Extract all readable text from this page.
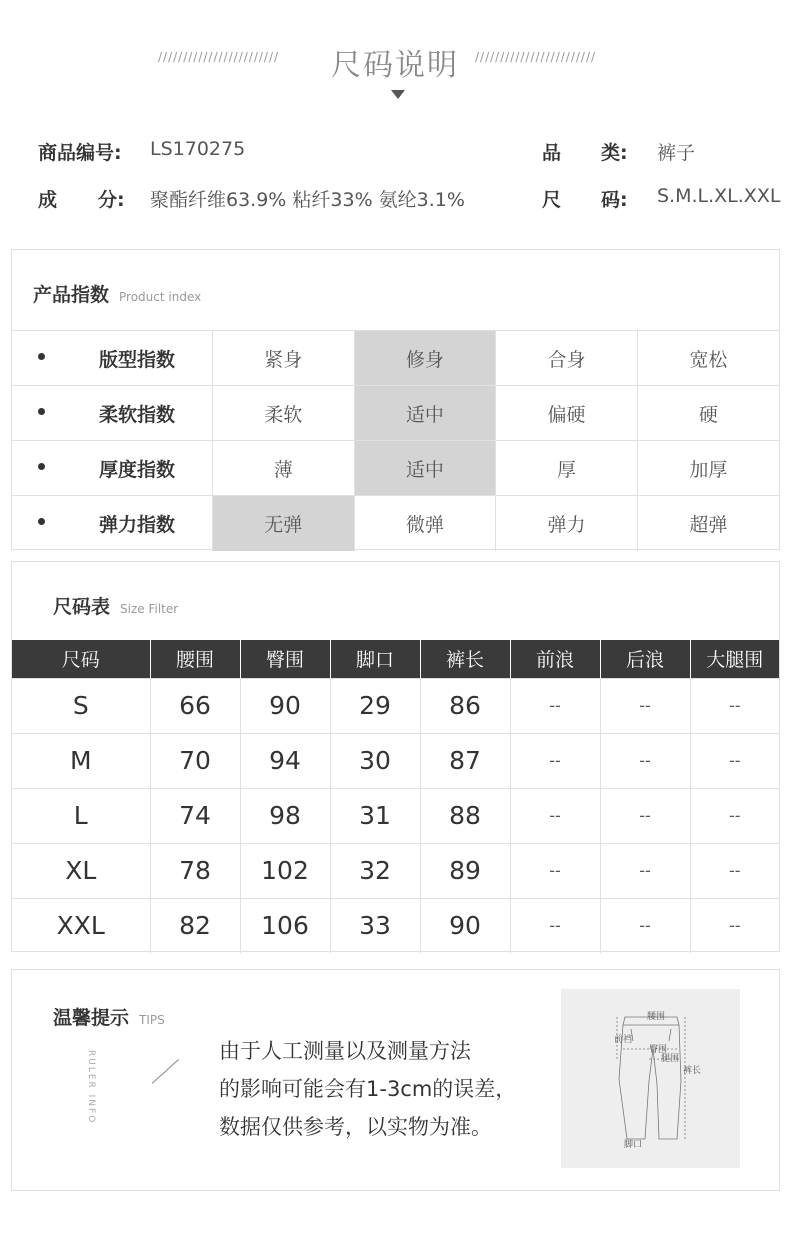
////////////////////////	尺码说明	////////////////////////
商品编号: LS170275	品 类: 裤子
成 分: 聚酯纤维63.9% 粘纤33% 氨纶3.1%	尺 码: S.M.L.XL.XXL
产品指数 Product index
版型指数	紧身	修身	合身	宽松

柔软指数	柔软	适中	偏硬	硬

厚度指数	薄	适中	厚	加厚

弹力指数	无弹	微弹	弹力	超弹
尺码表 Size Filter
尺码	腰围	臀围	脚口	裤长	前浪	后浪	大腿围
S	66	90	29	86	--	--	--
M	70	94	30	87	--	--	--
L	74	98	31	88	--	--	--
XL	78	102	32	89	--	--	--
XXL	82	106	33	90	--	--	--
温馨提示 TIPS
RULER INFO	由于人工测量以及测量方法
的影响可能会有1-3cm的误差，
数据仅供参考，以实物为准。
腰围
前裆
臀围
腿围
裤长
脚口
